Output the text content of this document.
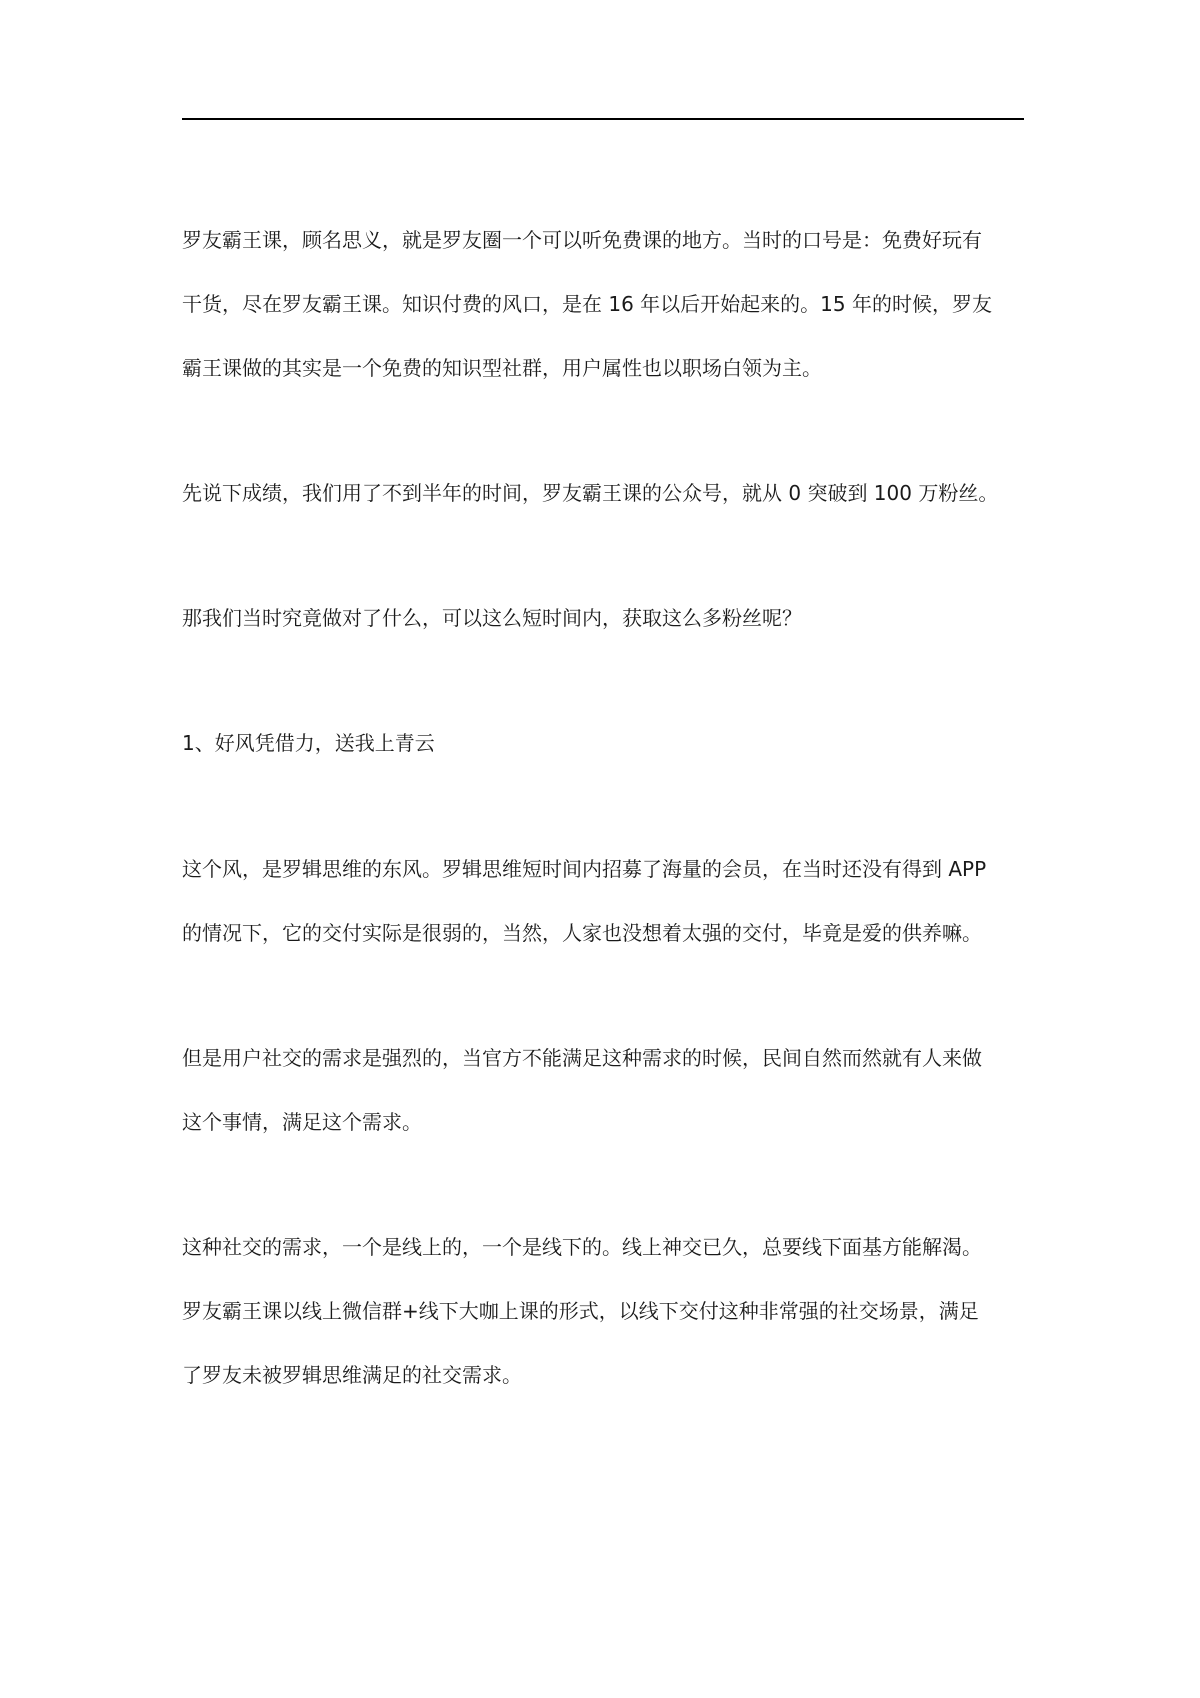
罗友霸王课，顾名思义，就是罗友圈一个可以听免费课的地方。当时的口号是：免费好玩有
干货，尽在罗友霸王课。知识付费的风口，是在 16 年以后开始起来的。15 年的时候，罗友
霸王课做的其实是一个免费的知识型社群，用户属性也以职场白领为主。
先说下成绩，我们用了不到半年的时间，罗友霸王课的公众号，就从 0 突破到 100 万粉丝。
那我们当时究竟做对了什么，可以这么短时间内，获取这么多粉丝呢？
1、好风凭借力，送我上青云
这个风，是罗辑思维的东风。罗辑思维短时间内招募了海量的会员，在当时还没有得到 APP
的情况下，它的交付实际是很弱的，当然，人家也没想着太强的交付，毕竟是爱的供养嘛。
但是用户社交的需求是强烈的，当官方不能满足这种需求的时候，民间自然而然就有人来做
这个事情，满足这个需求。
这种社交的需求，一个是线上的，一个是线下的。线上神交已久，总要线下面基方能解渴。
罗友霸王课以线上微信群+线下大咖上课的形式，以线下交付这种非常强的社交场景，满足
了罗友未被罗辑思维满足的社交需求。
